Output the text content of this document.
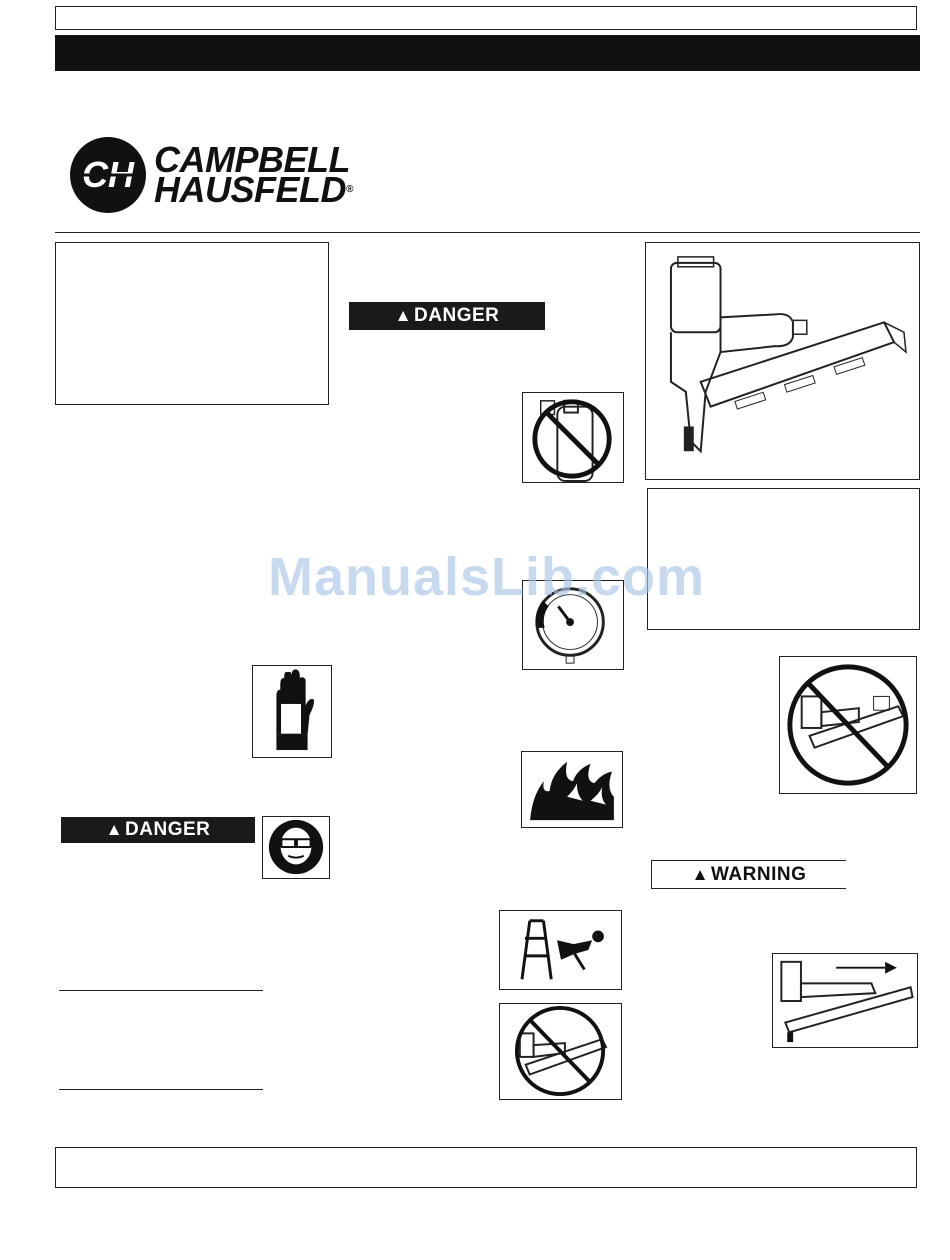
CH CAMPBELL
HAUSFELD®
▲ DANGER
ManualsLib.com
▲ DANGER
▲ WARNING
